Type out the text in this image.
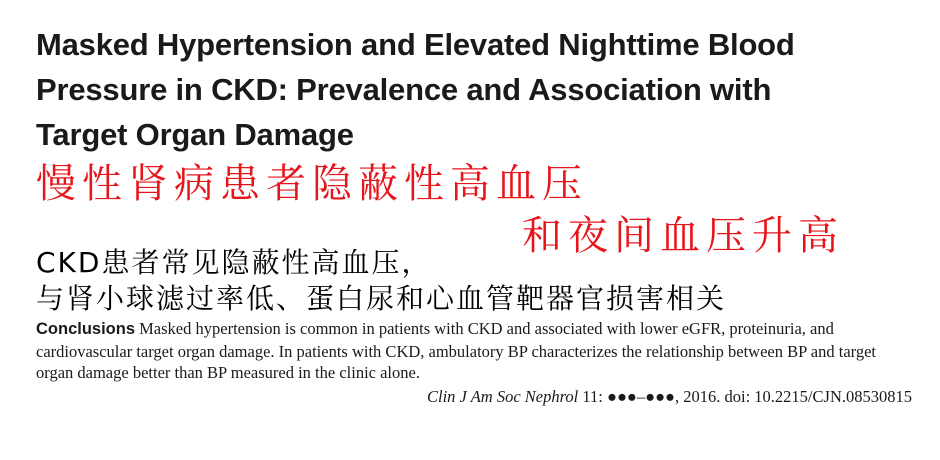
Masked Hypertension and Elevated Nighttime Blood
Pressure in CKD: Prevalence and Association with
Target Organ Damage
慢性肾病患者隐蔽性高血压
和夜间血压升高
CKD患者常见隐蔽性高血压，
与肾小球滤过率低、蛋白尿和心血管靶器官损害相关
Conclusions Masked hypertension is common in patients with CKD and associated with lower eGFR, proteinuria, and cardiovascular target organ damage. In patients with CKD, ambulatory BP characterizes the relationship between BP and target organ damage better than BP measured in the clinic alone.
Clin J Am Soc Nephrol 11: ●●●–●●●, 2016. doi: 10.2215/CJN.08530815
